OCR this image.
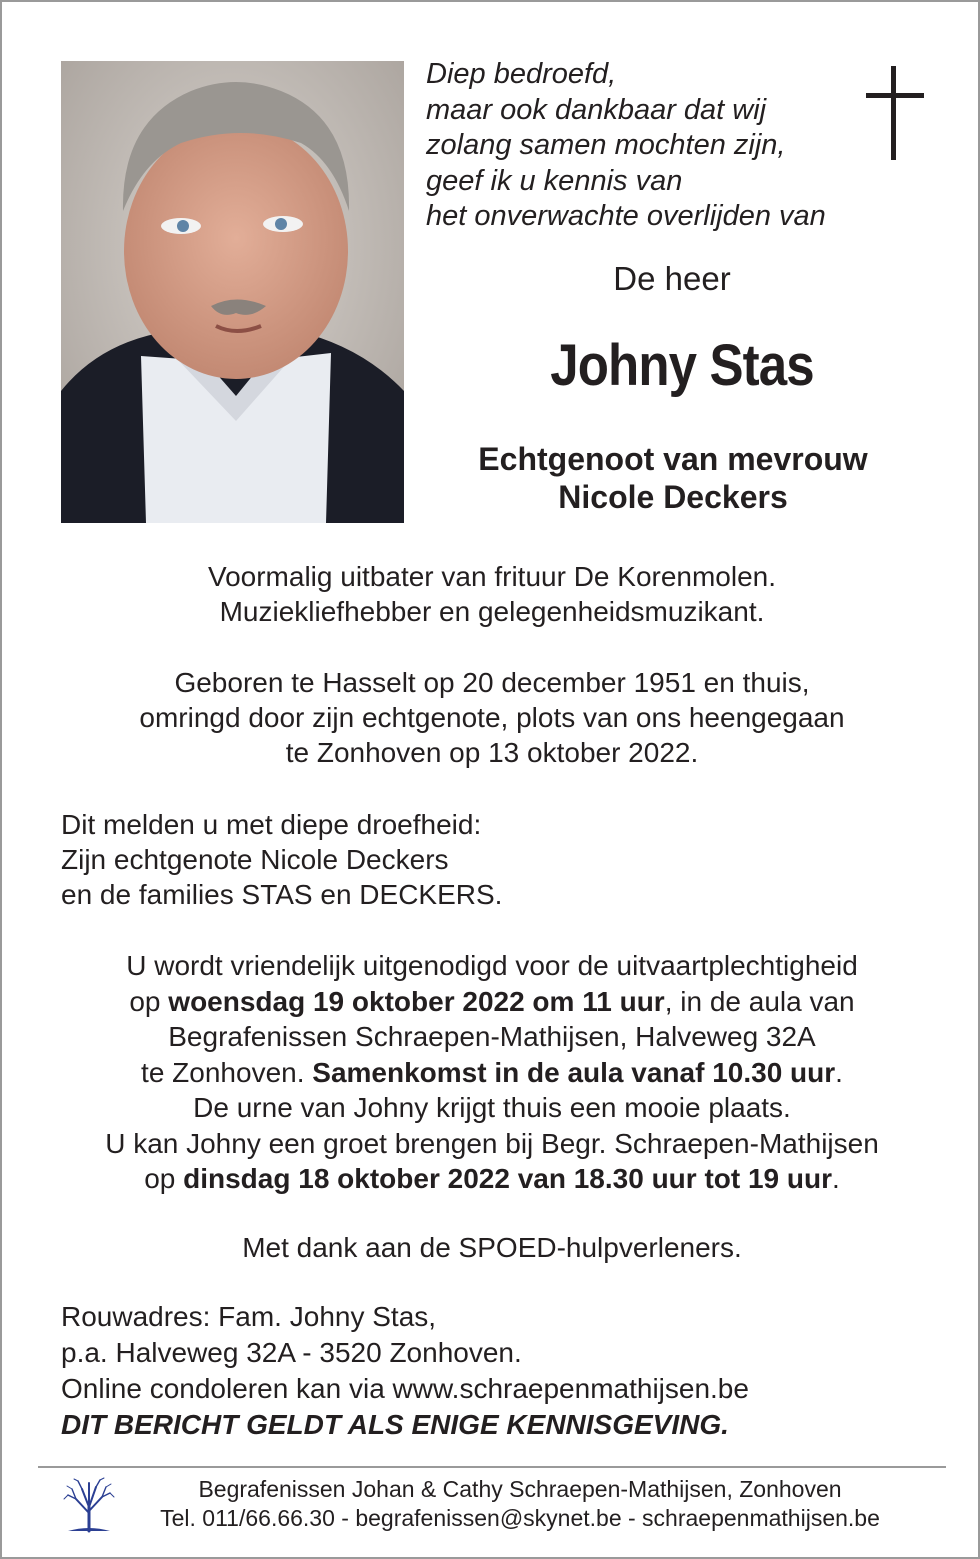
Diep bedroefd,
maar ook dankbaar dat wij
zolang samen mochten zijn,
geef ik u kennis van
het onverwachte overlijden van
De heer
Johny Stas
Echtgenoot van mevrouw
Nicole Deckers
Voormalig uitbater van frituur De Korenmolen.
Muziekliefhebber en gelegenheidsmuzikant.
Geboren te Hasselt op 20 december 1951 en thuis,
omringd door zijn echtgenote, plots van ons heengegaan
te Zonhoven op 13 oktober 2022.
Dit melden u met diepe droefheid:
Zijn echtgenote Nicole Deckers
en de families STAS en DECKERS.
U wordt vriendelijk uitgenodigd voor de uitvaartplechtigheid
op woensdag 19 oktober 2022 om 11 uur, in de aula van
Begrafenissen Schraepen-Mathijsen, Halveweg 32A
te Zonhoven. Samenkomst in de aula vanaf 10.30 uur.
De urne van Johny krijgt thuis een mooie plaats.
U kan Johny een groet brengen bij Begr. Schraepen-Mathijsen
op dinsdag 18 oktober 2022 van 18.30 uur tot 19 uur.
Met dank aan de SPOED-hulpverleners.
Rouwadres: Fam. Johny Stas,
p.a. Halveweg 32A - 3520 Zonhoven.
Online condoleren kan via www.schraepenmathijsen.be
DIT BERICHT GELDT ALS ENIGE KENNISGEVING.
Begrafenissen Johan & Cathy Schraepen-Mathijsen, Zonhoven
Tel. 011/66.66.30 - begrafenissen@skynet.be - schraepenmathijsen.be
